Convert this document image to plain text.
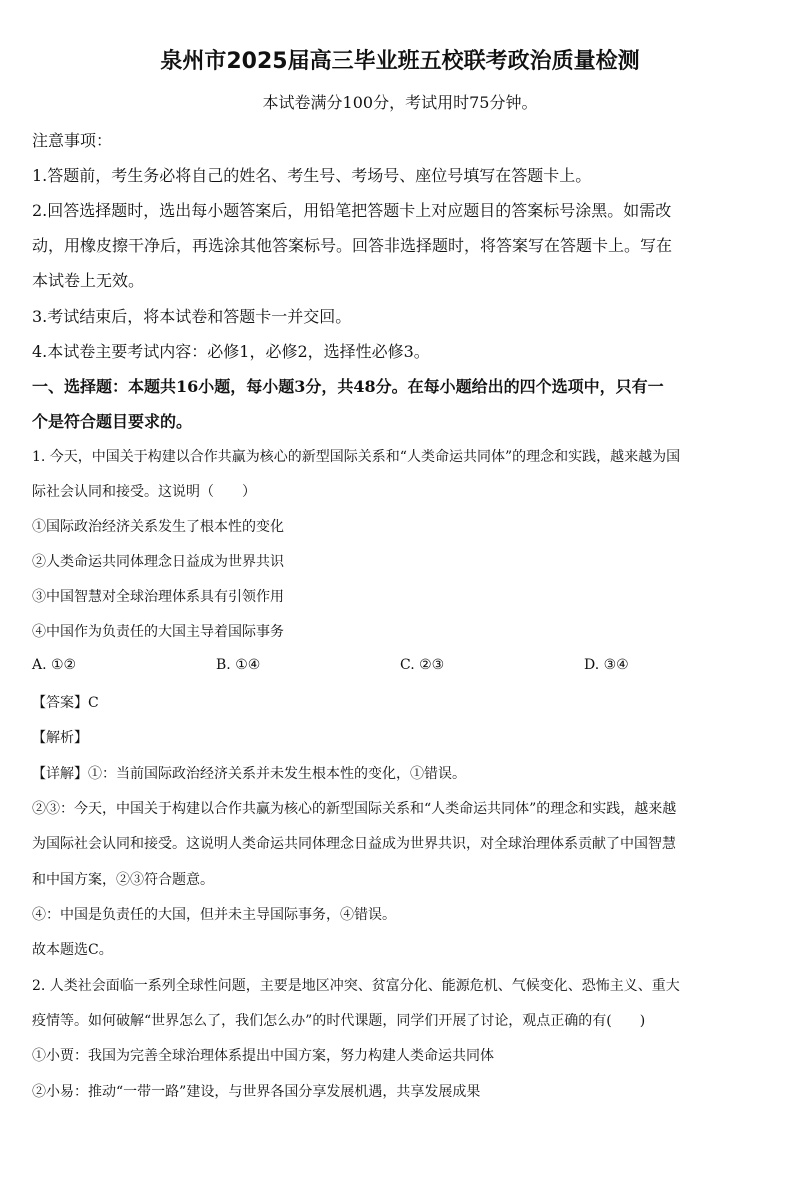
泉州市2025届高三毕业班五校联考政治质量检测
本试卷满分100分，考试用时75分钟。
注意事项：
1.答题前，考生务必将自己的姓名、考生号、考场号、座位号填写在答题卡上。
2.回答选择题时，选出每小题答案后，用铅笔把答题卡上对应题目的答案标号涂黑。如需改
动，用橡皮擦干净后，再选涂其他答案标号。回答非选择题时，将答案写在答题卡上。写在
本试卷上无效。
3.考试结束后，将本试卷和答题卡一并交回。
4.本试卷主要考试内容：必修1，必修2，选择性必修3。
一、选择题：本题共16小题，每小题3分，共48分。在每小题给出的四个选项中，只有一
个是符合题目要求的。
1. 今天，中国关于构建以合作共赢为核心的新型国际关系和“人类命运共同体”的理念和实践，越来越为国
际社会认同和接受。这说明（　　）
①国际政治经济关系发生了根本性的变化
②人类命运共同体理念日益成为世界共识
③中国智慧对全球治理体系具有引领作用
④中国作为负责任的大国主导着国际事务
A. ①②	B. ①④	C. ②③	D. ③④
【答案】C
【解析】
【详解】①：当前国际政治经济关系并未发生根本性的变化，①错误。
②③：今天，中国关于构建以合作共赢为核心的新型国际关系和“人类命运共同体”的理念和实践，越来越
为国际社会认同和接受。这说明人类命运共同体理念日益成为世界共识，对全球治理体系贡献了中国智慧
和中国方案，②③符合题意。
④：中国是负责任的大国，但并未主导国际事务，④错误。
故本题选C。
2. 人类社会面临一系列全球性问题，主要是地区冲突、贫富分化、能源危机、气候变化、恐怖主义、重大
疫情等。如何破解“世界怎么了，我们怎么办”的时代课题，同学们开展了讨论，观点正确的有(　　)
①小贾：我国为完善全球治理体系提出中国方案，努力构建人类命运共同体
②小易：推动“一带一路”建设，与世界各国分享发展机遇，共享发展成果
